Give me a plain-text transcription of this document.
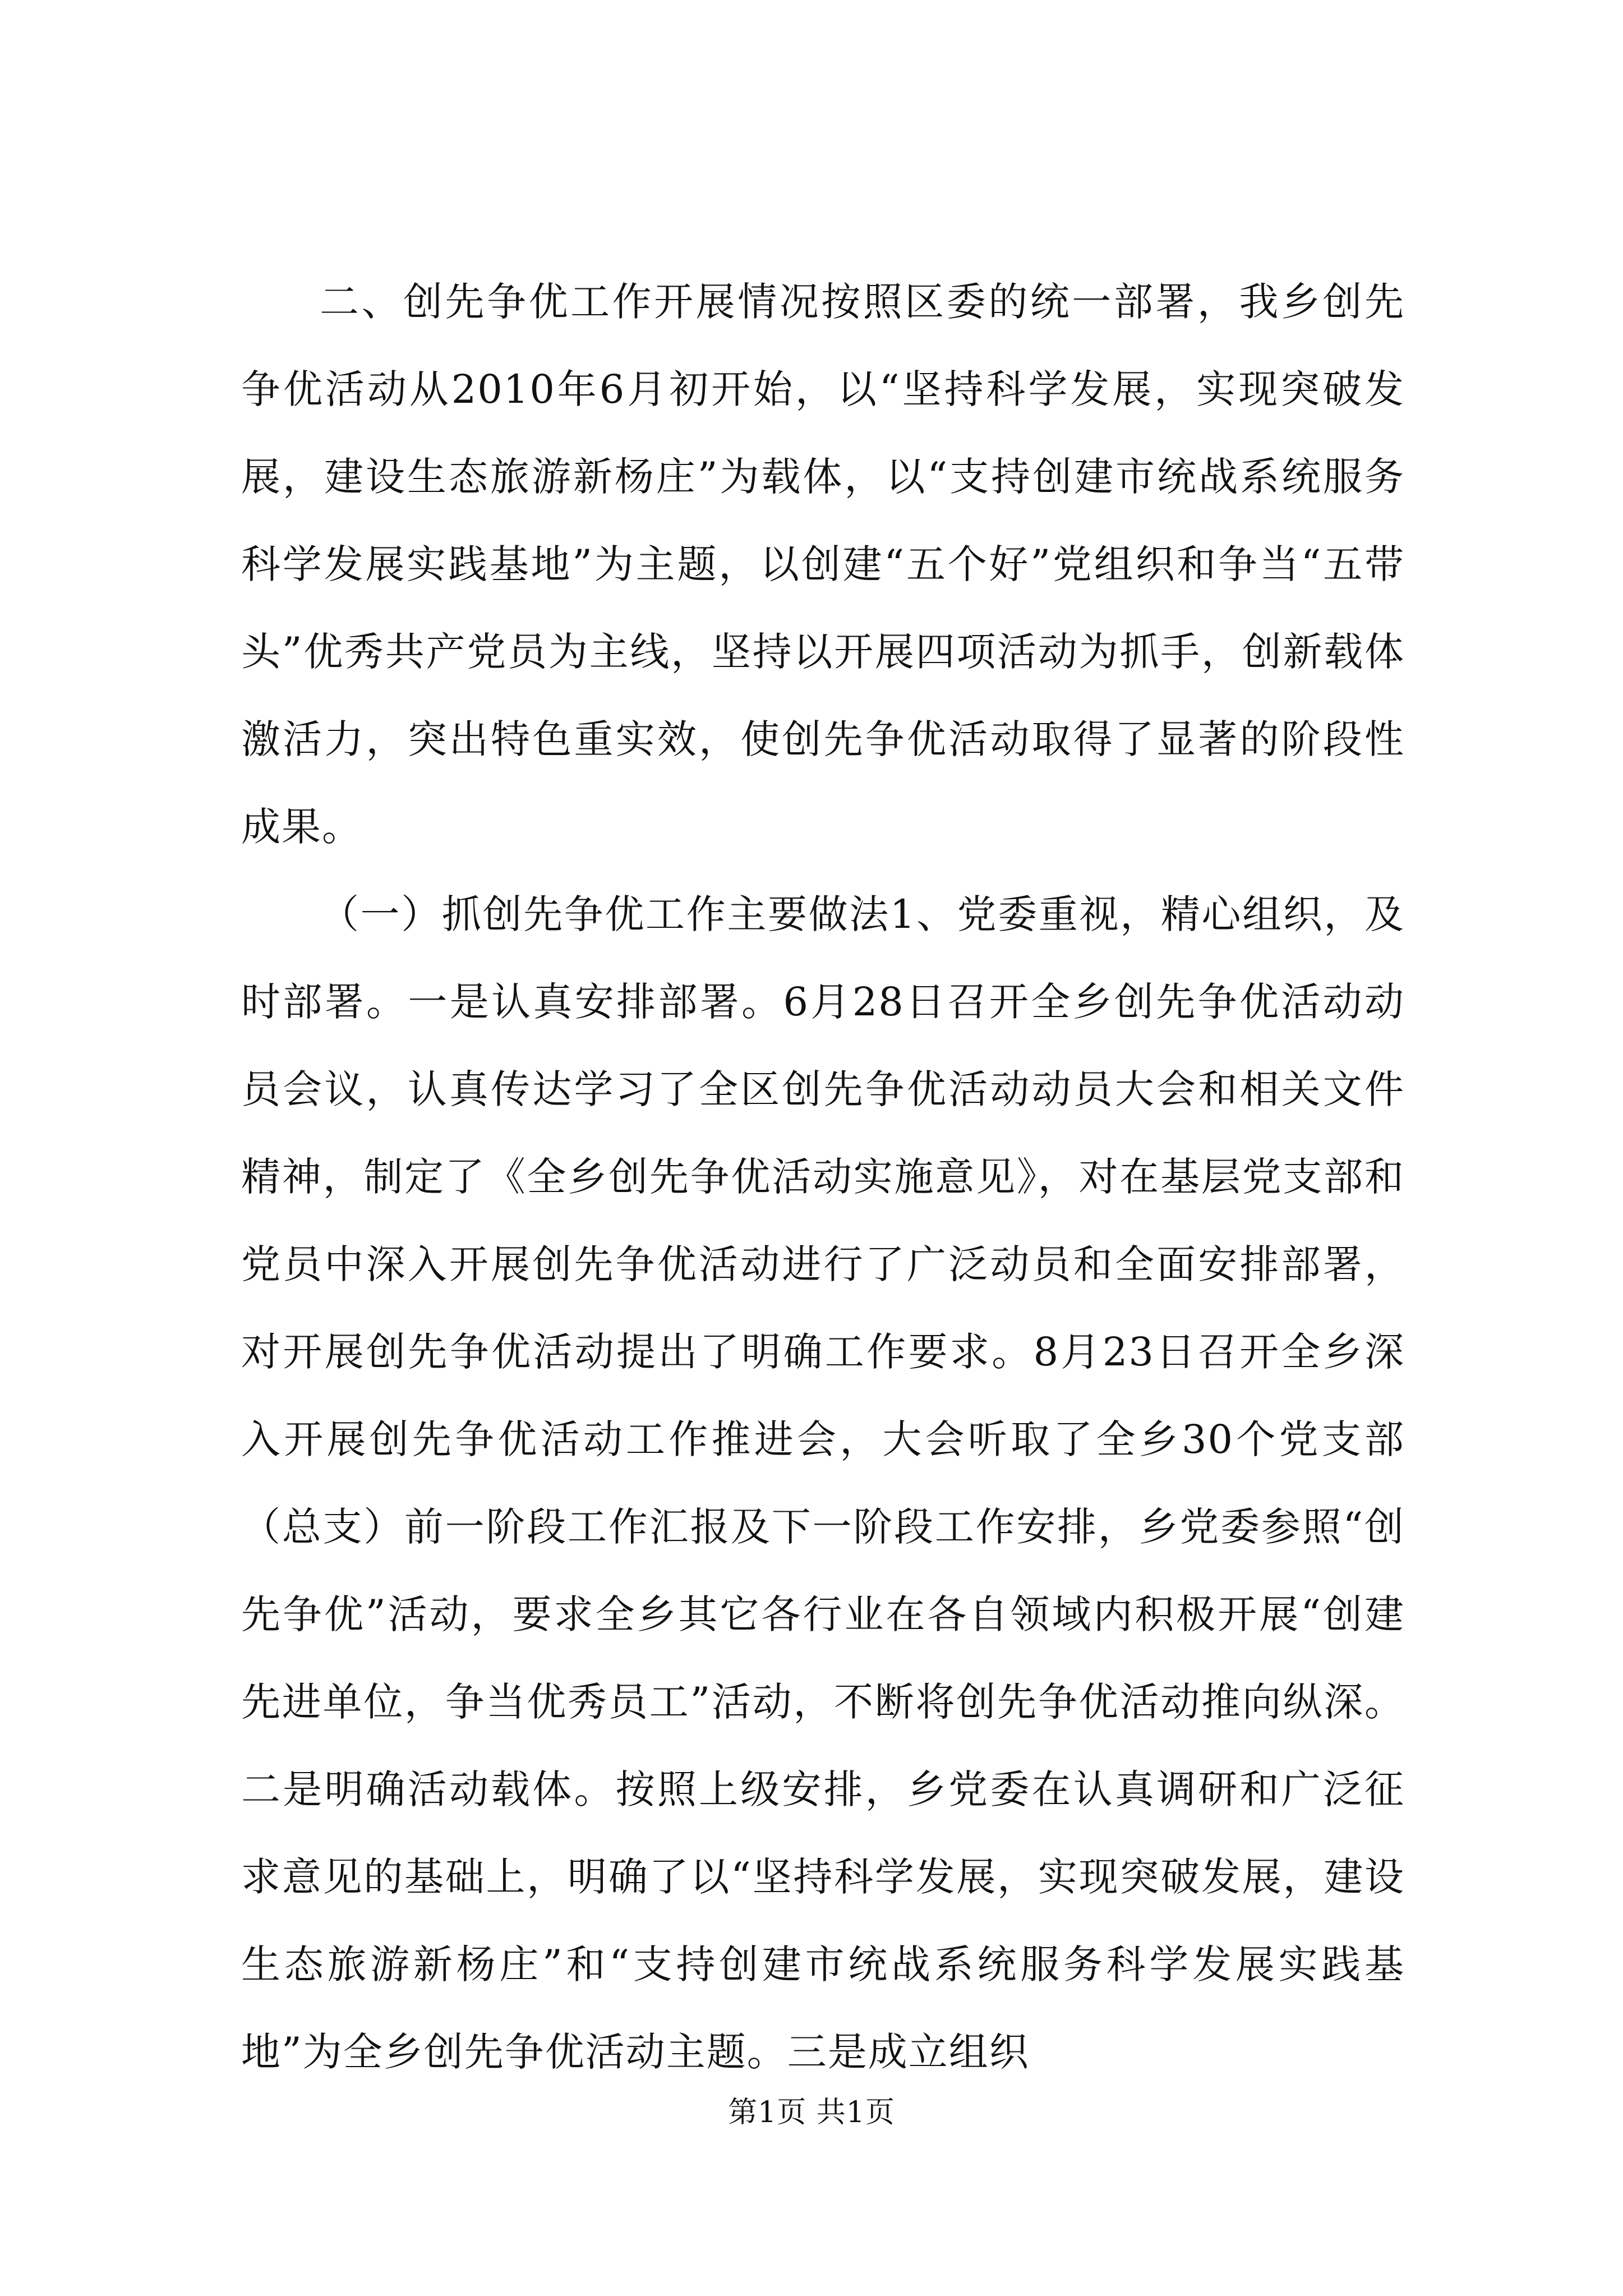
二、创先争优工作开展情况按照区委的统一部署，我乡创先争优活动从2010年6月初开始，以“坚持科学发展，实现突破发展，建设生态旅游新杨庄”为载体，以“支持创建市统战系统服务科学发展实践基地”为主题，以创建“五个好”党组织和争当“五带头”优秀共产党员为主线，坚持以开展四项活动为抓手，创新载体激活力，突出特色重实效，使创先争优活动取得了显著的阶段性成果。

（一）抓创先争优工作主要做法1、党委重视，精心组织，及时部署。一是认真安排部署。6月28日召开全乡创先争优活动动员会议，认真传达学习了全区创先争优活动动员大会和相关文件精神，制定了《全乡创先争优活动实施意见》，对在基层党支部和党员中深入开展创先争优活动进行了广泛动员和全面安排部署，对开展创先争优活动提出了明确工作要求。8月23日召开全乡深入开展创先争优活动工作推进会，大会听取了全乡30个党支部（总支）前一阶段工作汇报及下一阶段工作安排，乡党委参照“创先争优”活动，要求全乡其它各行业在各自领域内积极开展“创建先进单位，争当优秀员工”活动，不断将创先争优活动推向纵深。二是明确活动载体。按照上级安排，乡党委在认真调研和广泛征求意见的基础上，明确了以“坚持科学发展，实现突破发展，建设生态旅游新杨庄”和“支持创建市统战系统服务科学发展实践基地”为全乡创先争优活动主题。三是成立组织

第1页 共1页
